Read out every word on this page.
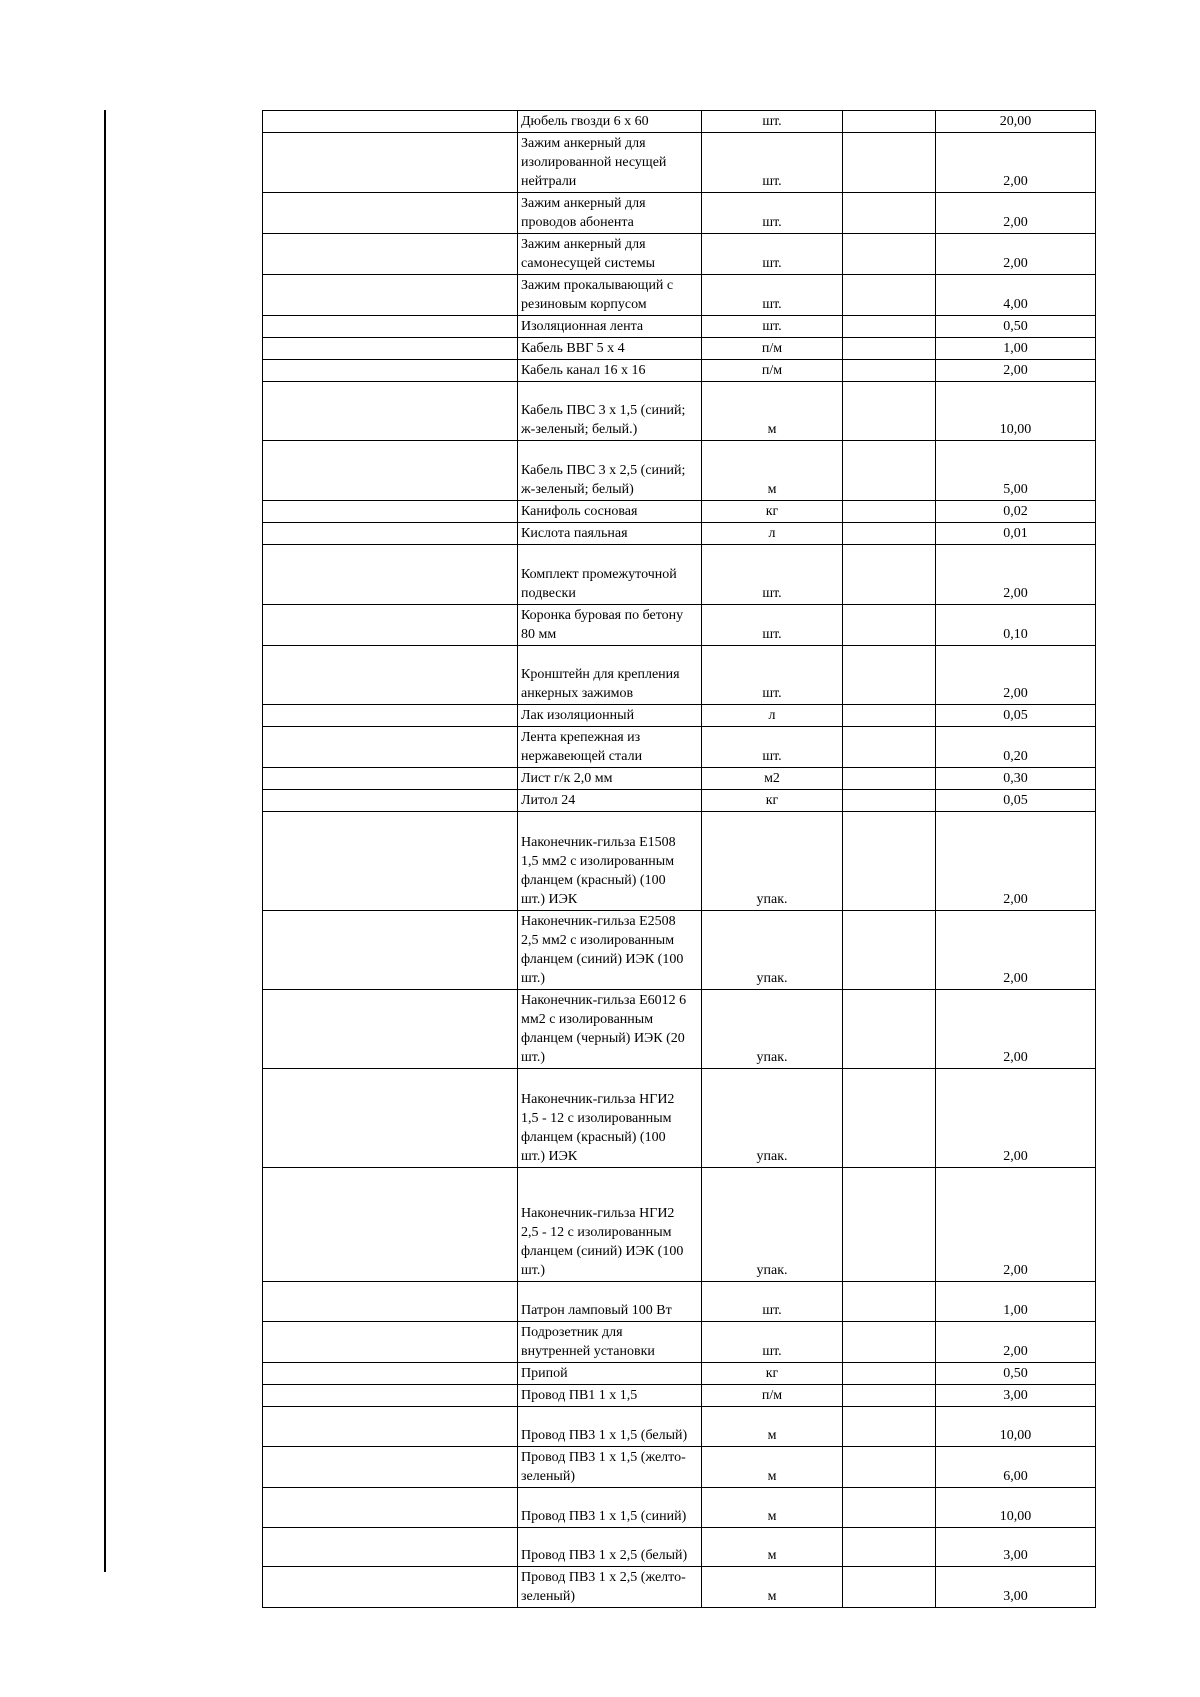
	Дюбель гвозди 6 х 60	шт.		20,00

	Зажим анкерный для
изолированной несущей
нейтрали	шт.		2,00

	Зажим анкерный для
проводов абонента	шт.		2,00

	Зажим анкерный для
самонесущей системы	шт.		2,00

	Зажим прокалывающий с
резиновым корпусом	шт.		4,00

	Изоляционная лента	шт.		0,50

	Кабель ВВГ 5 х 4	п/м		1,00

	Кабель канал 16 х 16	п/м		2,00

	Кабель ПВС 3 х 1,5 (синий;
ж-зеленый; белый.)	м		10,00

	Кабель ПВС 3 х 2,5 (синий;
ж-зеленый; белый)	м		5,00

	Канифоль сосновая	кг		0,02

	Кислота паяльная	л		0,01

	Комплект промежуточной
подвески	шт.		2,00

	Коронка буровая по бетону
80 мм	шт.		0,10

	Кронштейн для крепления
анкерных зажимов	шт.		2,00

	Лак изоляционный	л		0,05

	Лента крепежная из
нержавеющей стали	шт.		0,20

	Лист г/к 2,0 мм	м2		0,30

	Литол 24	кг		0,05

	Наконечник-гильза Е1508
1,5 мм2 с изолированным
фланцем (красный) (100
шт.) ИЭК	упак.		2,00

	Наконечник-гильза Е2508
2,5 мм2 с изолированным
фланцем (синий) ИЭК (100
шт.)	упак.		2,00

	Наконечник-гильза Е6012 6
мм2 с изолированным
фланцем (черный) ИЭК (20
шт.)	упак.		2,00

	Наконечник-гильза НГИ2
1,5 - 12 с изолированным
фланцем (красный) (100
шт.) ИЭК	упак.		2,00

	Наконечник-гильза НГИ2
2,5 - 12 с изолированным
фланцем (синий) ИЭК (100
шт.)	упак.		2,00

	Патрон ламповый 100 Вт	шт.		1,00

	Подрозетник для
внутренней установки	шт.		2,00

	Припой	кг		0,50

	Провод ПВ1 1 х 1,5	п/м		3,00

	Провод ПВ3 1 х 1,5 (белый)	м		10,00

	Провод ПВ3 1 х 1,5 (желто-
зеленый)	м		6,00

	Провод ПВ3 1 х 1,5 (синий)	м		10,00

	Провод ПВ3 1 х 2,5 (белый)	м		3,00

	Провод ПВ3 1 х 2,5 (желто-
зеленый)	м		3,00
